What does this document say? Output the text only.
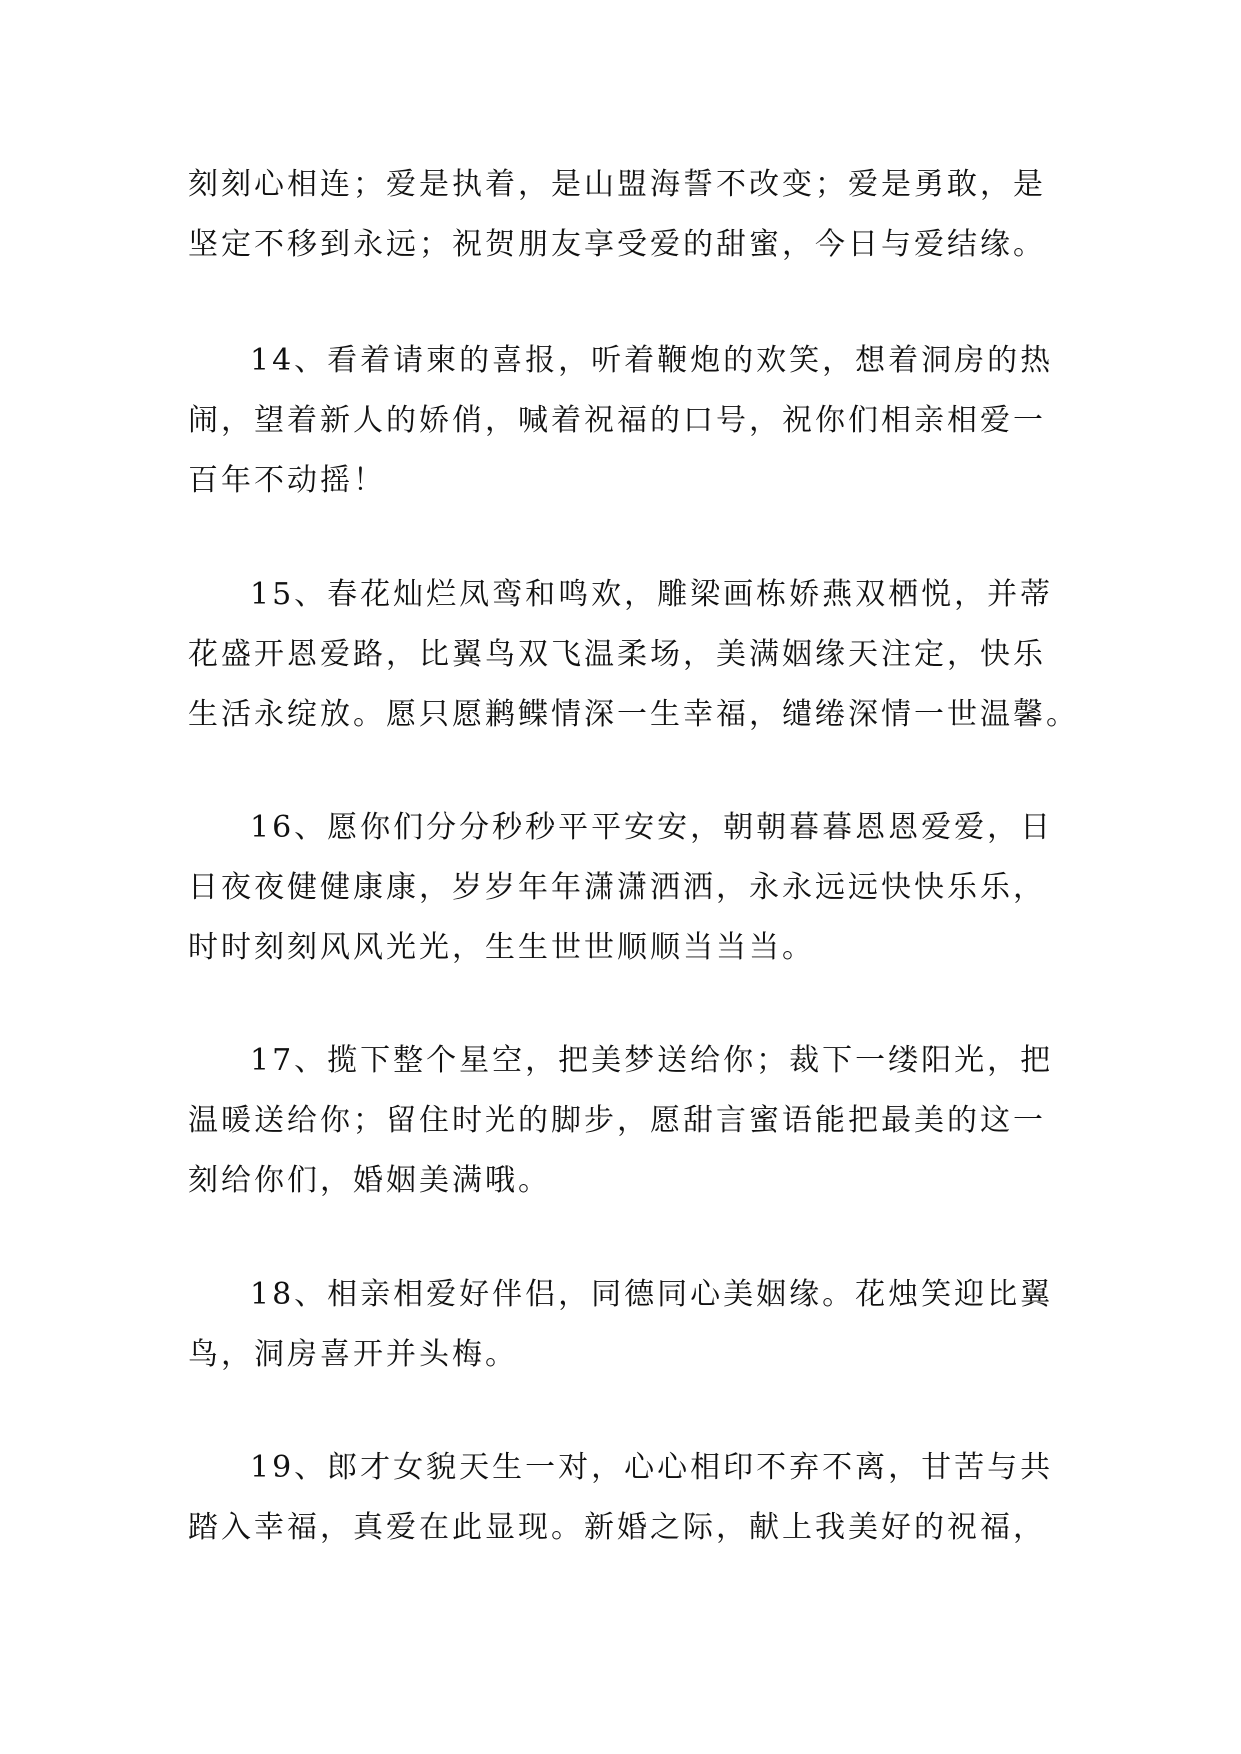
刻刻心相连；爱是执着，是山盟海誓不改变；爱是勇敢，是
坚定不移到永远；祝贺朋友享受爱的甜蜜，今日与爱结缘。

14、看着请柬的喜报，听着鞭炮的欢笑，想着洞房的热
闹，望着新人的娇俏，喊着祝福的口号，祝你们相亲相爱一
百年不动摇！

15、春花灿烂凤鸾和鸣欢，雕梁画栋娇燕双栖悦，并蒂
花盛开恩爱路，比翼鸟双飞温柔场，美满姻缘天注定，快乐
生活永绽放。愿只愿鹣鲽情深一生幸福，缱绻深情一世温馨。

16、愿你们分分秒秒平平安安，朝朝暮暮恩恩爱爱，日
日夜夜健健康康，岁岁年年潇潇洒洒，永永远远快快乐乐，
时时刻刻风风光光，生生世世顺顺当当当。

17、揽下整个星空，把美梦送给你；裁下一缕阳光，把
温暖送给你；留住时光的脚步，愿甜言蜜语能把最美的这一
刻给你们，婚姻美满哦。

18、相亲相爱好伴侣，同德同心美姻缘。花烛笑迎比翼
鸟，洞房喜开并头梅。

19、郎才女貌天生一对，心心相印不弃不离，甘苦与共
踏入幸福，真爱在此显现。新婚之际，献上我美好的祝福，
